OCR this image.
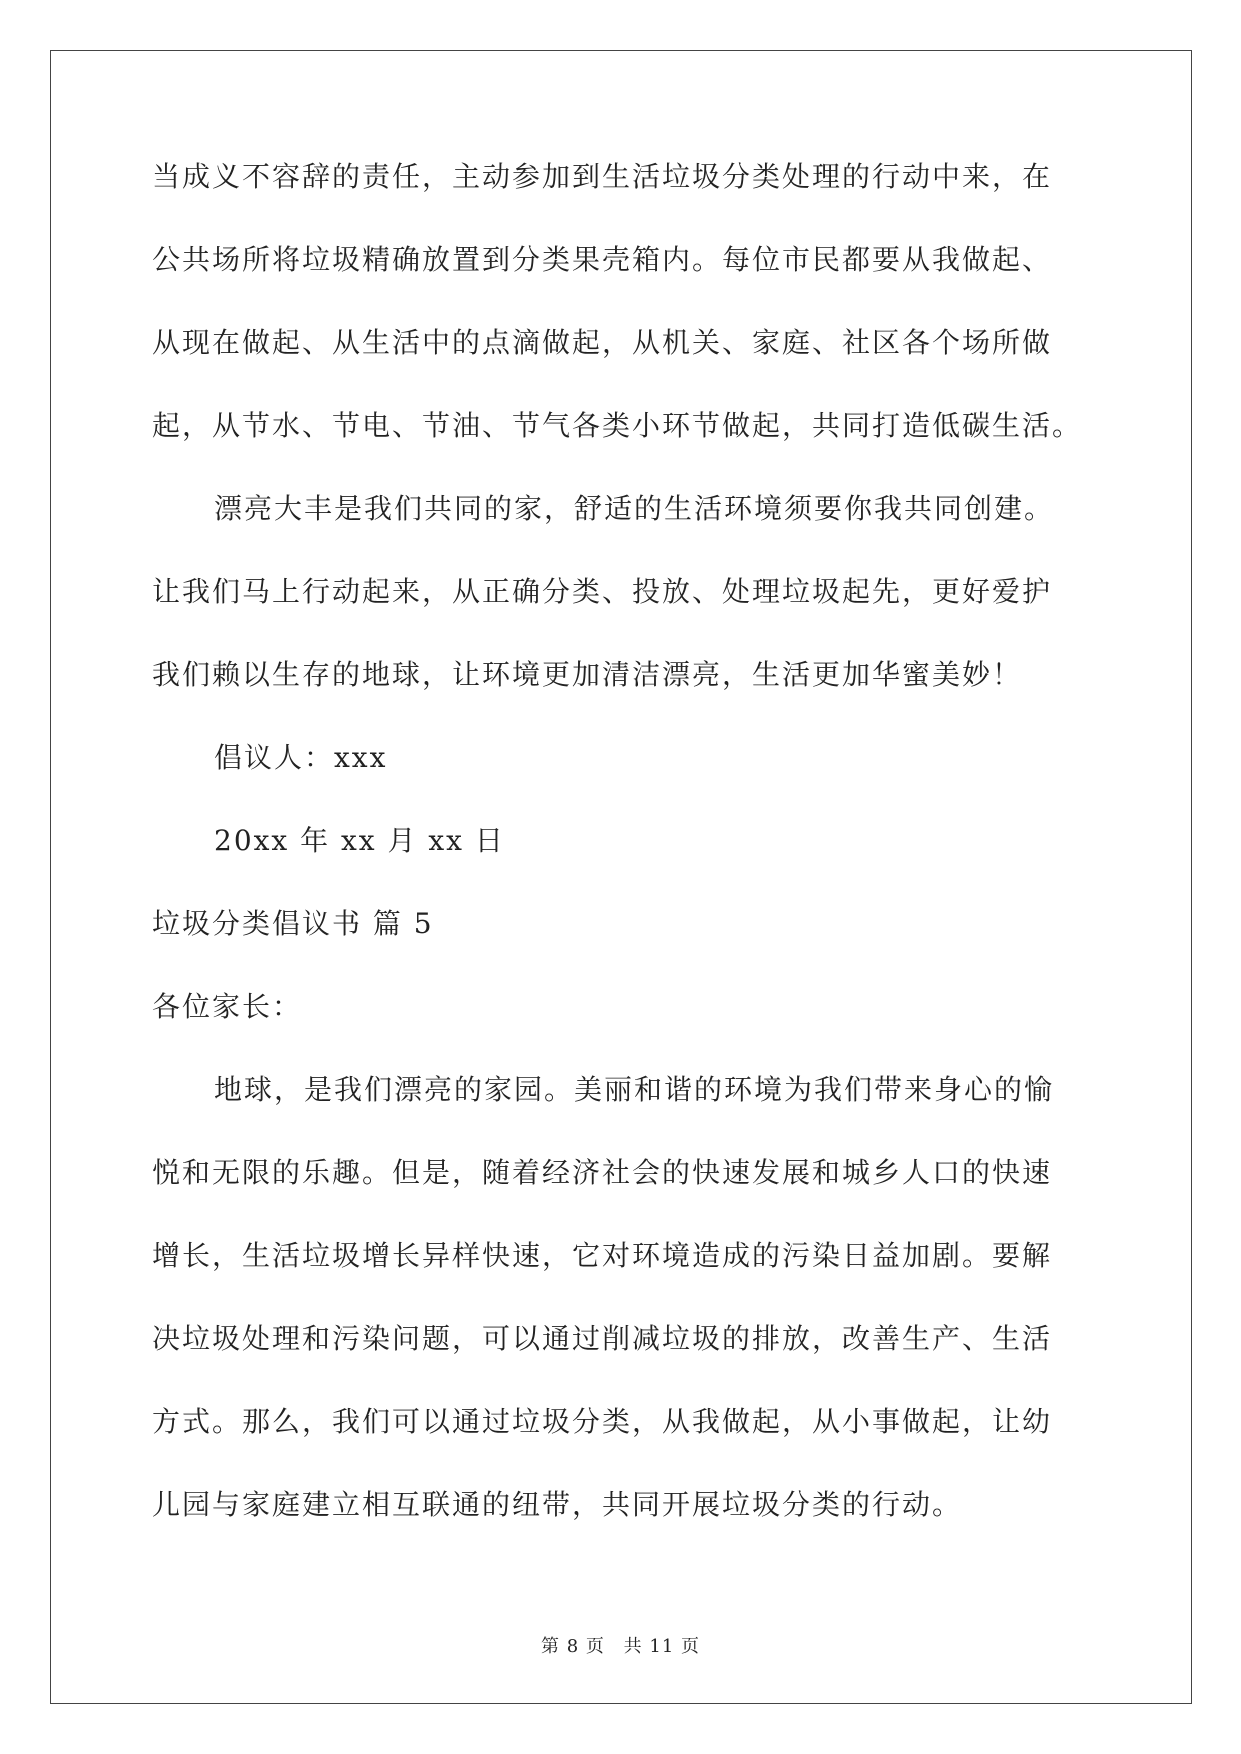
当成义不容辞的责任，主动参加到生活垃圾分类处理的行动中来，在
公共场所将垃圾精确放置到分类果壳箱内。每位市民都要从我做起、
从现在做起、从生活中的点滴做起，从机关、家庭、社区各个场所做
起，从节水、节电、节油、节气各类小环节做起，共同打造低碳生活。
漂亮大丰是我们共同的家，舒适的生活环境须要你我共同创建。
让我们马上行动起来，从正确分类、投放、处理垃圾起先，更好爱护
我们赖以生存的地球，让环境更加清洁漂亮，生活更加华蜜美妙！
倡议人：xxx
20xx 年 xx 月 xx 日
垃圾分类倡议书 篇 5
各位家长：
地球，是我们漂亮的家园。美丽和谐的环境为我们带来身心的愉
悦和无限的乐趣。但是，随着经济社会的快速发展和城乡人口的快速
增长，生活垃圾增长异样快速，它对环境造成的污染日益加剧。要解
决垃圾处理和污染问题，可以通过削减垃圾的排放，改善生产、生活
方式。那么，我们可以通过垃圾分类，从我做起，从小事做起，让幼
儿园与家庭建立相互联通的纽带，共同开展垃圾分类的行动。
第 8 页 共 11 页
